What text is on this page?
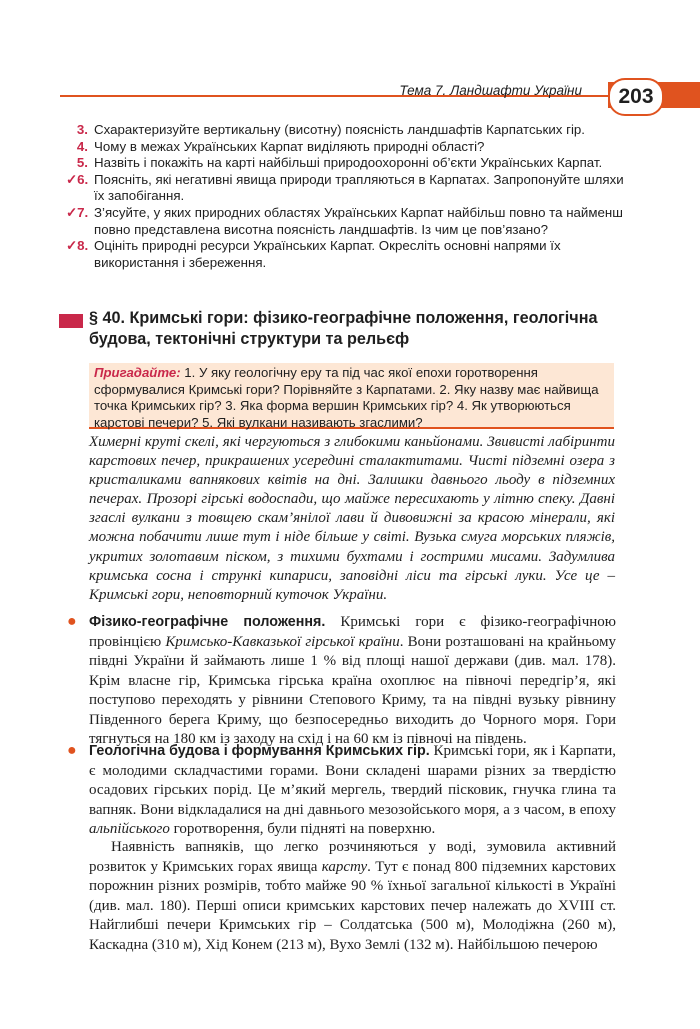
Тема 7. Ландшафти України	203
3. Схарактеризуйте вертикальну (висотну) поясність ландшафтів Карпатських гір.
4. Чому в межах Українських Карпат виділяють природні області?
5. Назвіть і покажіть на карті найбільші природоохоронні об’єкти Українських Карпат.
✓6. Поясніть, які негативні явища природи трапляються в Карпатах. Запропонуйте шляхи їх запобігання.
✓7. З’ясуйте, у яких природних областях Українських Карпат найбільш повно та найменш повно представлена висотна поясність ландшафтів. Із чим це пов’язано?
✓8. Оцініть природні ресурси Українських Карпат. Окресліть основні напрями їх використання і збереження.
§ 40. Кримські гори: фізико-географічне положення, геологічна будова, тектонічні структури та рельєф
Пригадайте: 1. У яку геологічну еру та під час якої епохи горотворення сформувалися Кримські гори? Порівняйте з Карпатами. 2. Яку назву має найвища точка Кримських гір? 3. Яка форма вершин Кримських гір? 4. Як утворюються карстові печери? 5. Які вулкани називають згаслими?
Химерні круті скелі, які чергуються з глибокими каньйонами. Звивисті лабіринти карстових печер, прикрашених усередині сталактитами. Чисті підземні озера з кристаликами вапнякових квітів на дні. Залишки давнього льоду в підземних печерах. Прозорі гірські водоспади, що майже пересихають у літню спеку. Давні згаслі вулкани з товщею скам’янілої лави й дивовижні за красою мінерали, які можна побачити лише тут і ніде більше у світі. Вузька смуга морських пляжів, укритих золотавим піском, з тихими бухтами і гострими мисами. Задумлива кримська сосна і стрункі кипариси, заповідні ліси та гірські луки. Усе це – Кримські гори, неповторний куточок України.
● Фізико-географічне положення. Кримські гори є фізико-географічною провінцією Кримсько-Кавказької гірської країни. Вони розташовані на крайньому півдні України й займають лише 1 % від площі нашої держави (див. мал. 178). Крім власне гір, Кримська гірська країна охоплює на півночі передгір’я, які поступово переходять у рівнини Степового Криму, та на півдні вузьку рівнину Південного берега Криму, що безпосередньо виходить до Чорного моря. Гори тягнуться на 180 км із заходу на схід і на 60 км із півночі на південь.
● Геологічна будова і формування Кримських гір. Кримські гори, як і Карпати, є молодими складчастими горами. Вони складені шарами різних за твердістю осадових гірських порід. Це м’який мергель, твердий пісковик, гнучка глина та вапняк. Вони відкладалися на дні давнього мезозойського моря, а з часом, в епоху альпійського горотворення, були підняті на поверхню.
Наявність вапняків, що легко розчиняються у воді, зумовила активний розвиток у Кримських горах явища карсту. Тут є понад 800 підземних карстових порожнин різних розмірів, тобто майже 90 % їхньої загальної кількості в Україні (див. мал. 180). Перші описи кримських карстових печер належать до XVIII ст. Найглибші печери Кримських гір – Солдатська (500 м), Молодіжна (260 м), Каскадна (310 м), Хід Конем (213 м), Вухо Землі (132 м). Найбільшою печерою
